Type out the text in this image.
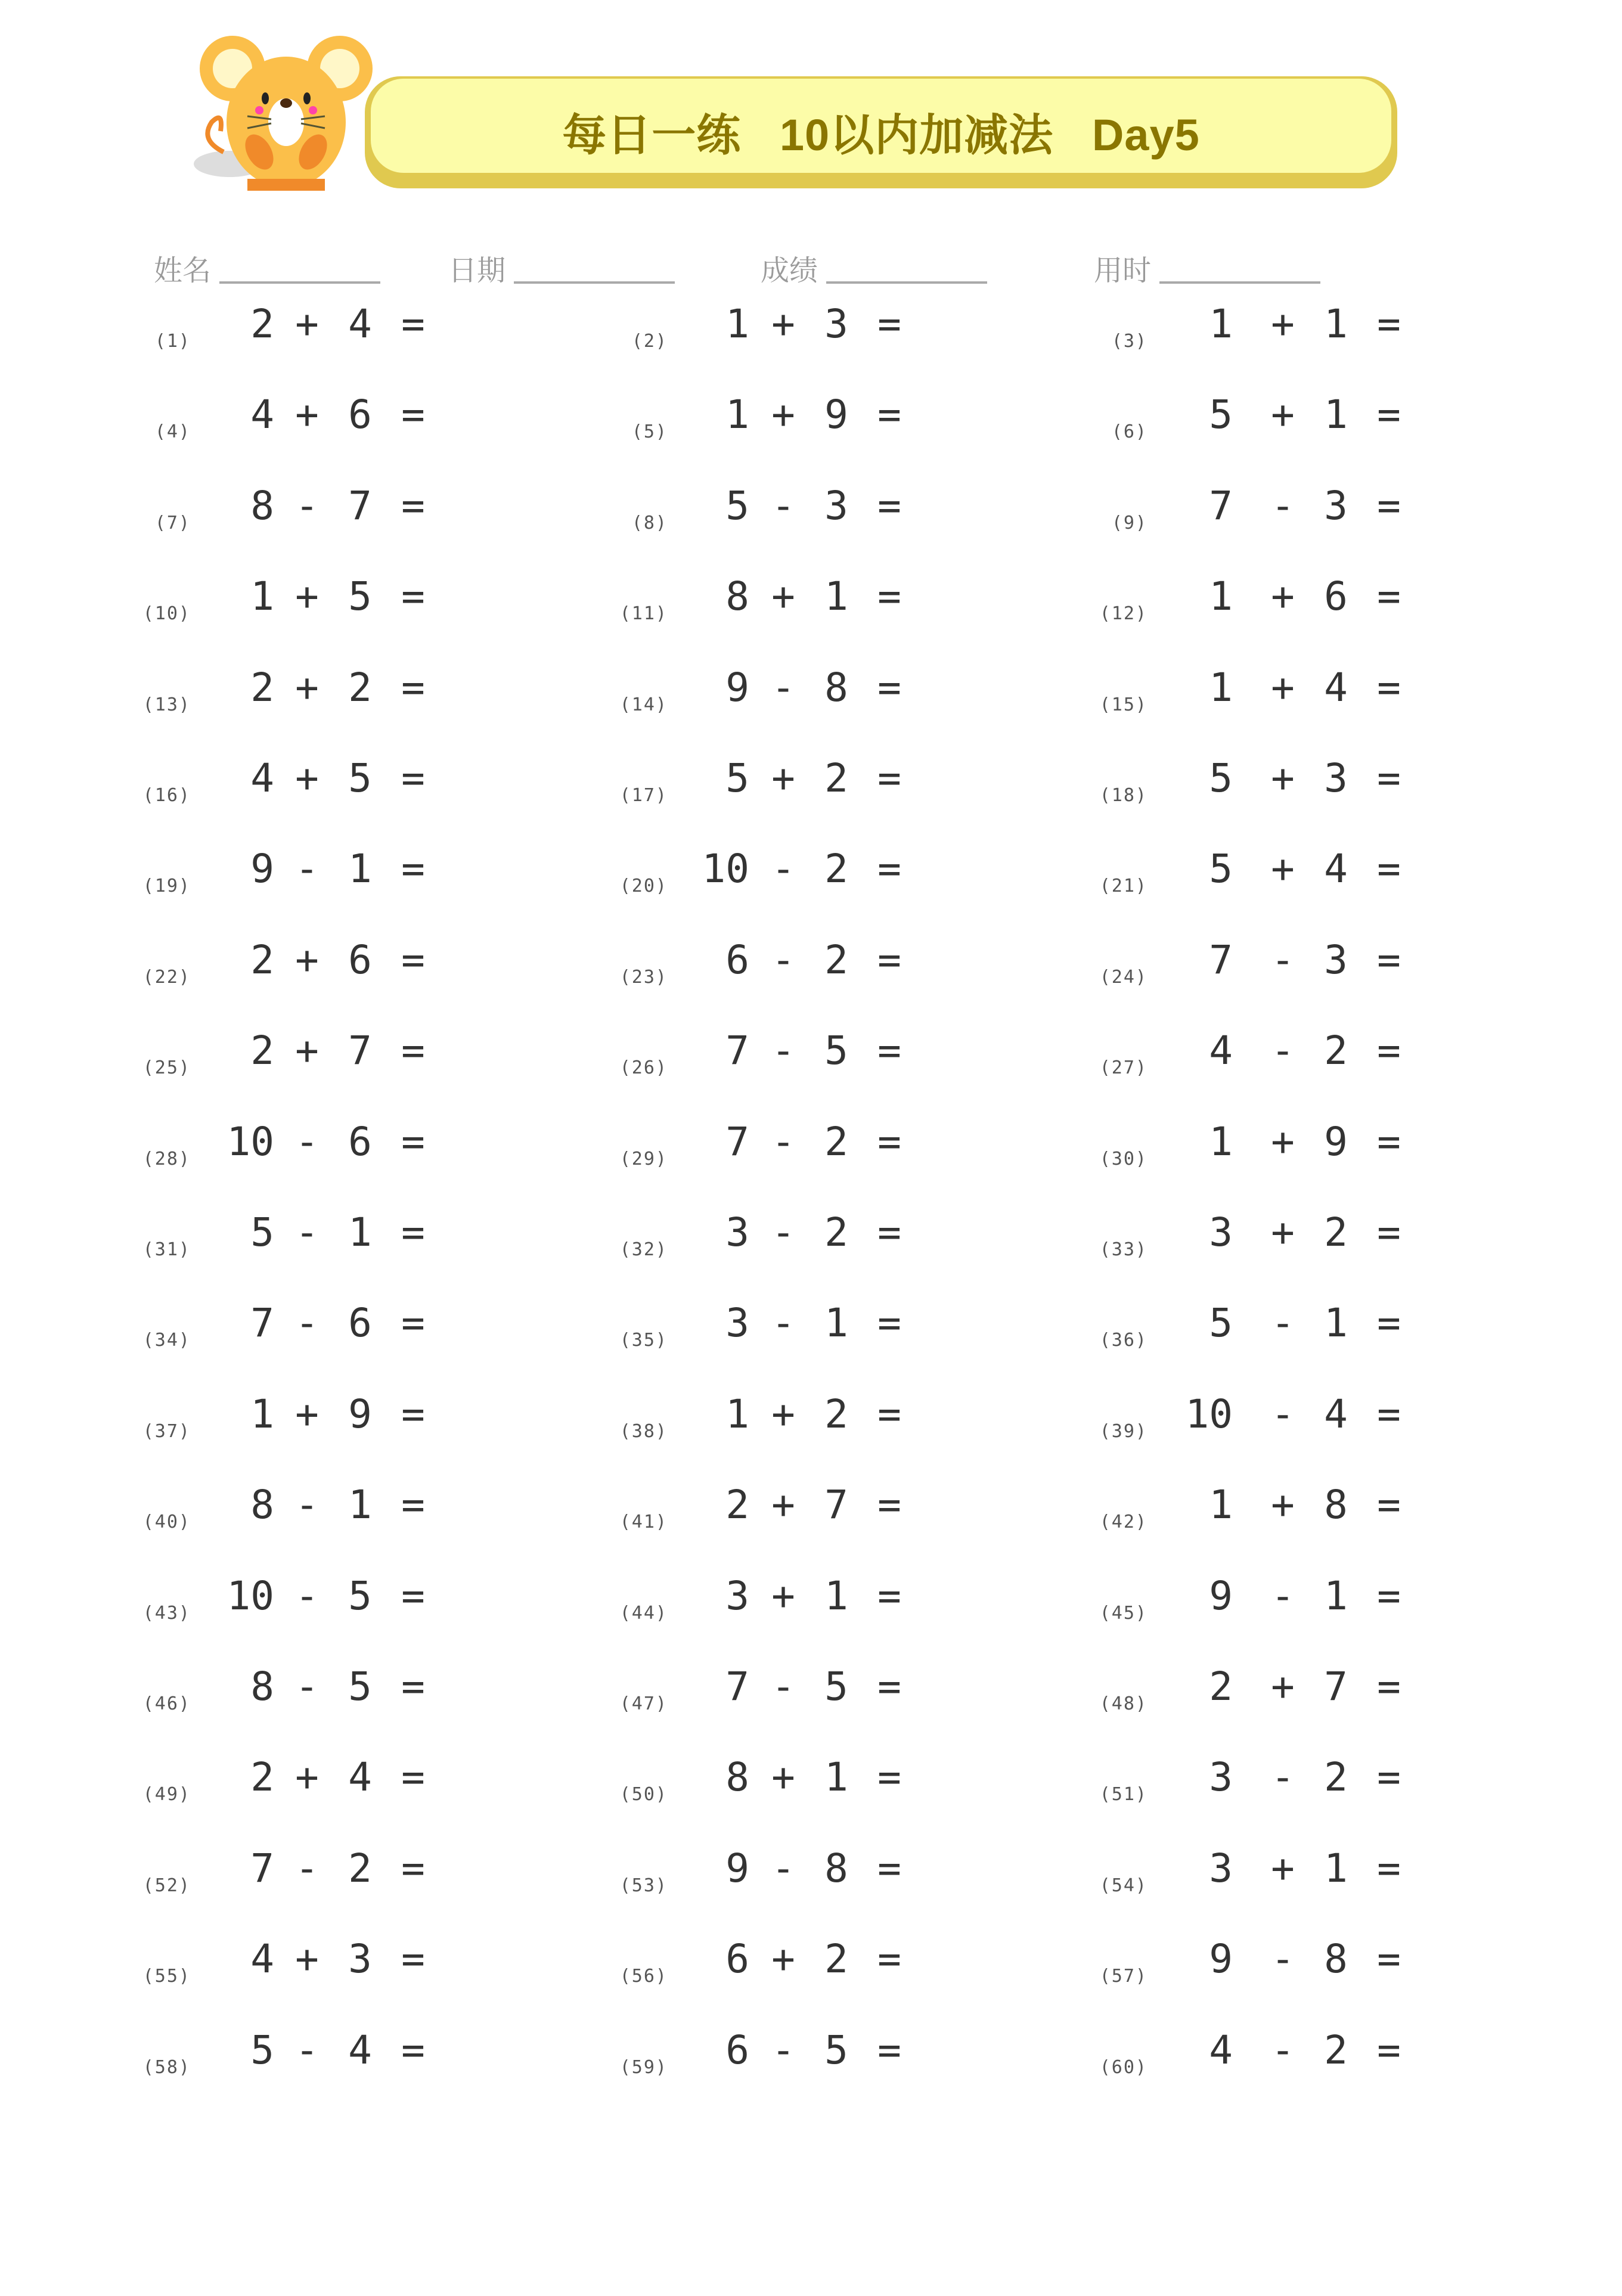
每日一练   10以内加减法   Day5
姓名	日期	成绩	用时
(1)	2 + 4 =	(2)	1 + 3 =	(3)	1 + 1 =
(4)	4 + 6 =	(5)	1 + 9 =	(6)	5 + 1 =
(7)	8 - 7 =	(8)	5 - 3 =	(9)	7 - 3 =
(10)	1 + 5 =	(11)	8 + 1 =	(12)	1 + 6 =
(13)	2 + 2 =	(14)	9 - 8 =	(15)	1 + 4 =
(16)	4 + 5 =	(17)	5 + 2 =	(18)	5 + 3 =
(19)	9 - 1 =	(20) 10 - 2 =	(21)	5 + 4 =
(22)	2 + 6 =	(23)	6 - 2 =	(24)	7 - 3 =
(25)	2 + 7 =	(26)	7 - 5 =	(27)	4 - 2 =
(28) 10 - 6 =	(29)	7 - 2 =	(30)	1 + 9 =
(31)	5 - 1 =	(32)	3 - 2 =	(33)	3 + 2 =
(34)	7 - 6 =	(35)	3 - 1 =	(36)	5 - 1 =
(37)	1 + 9 =	(38)	1 + 2 =	(39) 10 - 4 =
(40)	8 - 1 =	(41)	2 + 7 =	(42)	1 + 8 =
(43) 10 - 5 =	(44)	3 + 1 =	(45)	9 - 1 =
(46)	8 - 5 =	(47)	7 - 5 =	(48)	2 + 7 =
(49)	2 + 4 =	(50)	8 + 1 =	(51)	3 - 2 =
(52)	7 - 2 =	(53)	9 - 8 =	(54)	3 + 1 =
(55)	4 + 3 =	(56)	6 + 2 =	(57)	9 - 8 =
(58)	5 - 4 =	(59)	6 - 5 =	(60)	4 - 2 =
